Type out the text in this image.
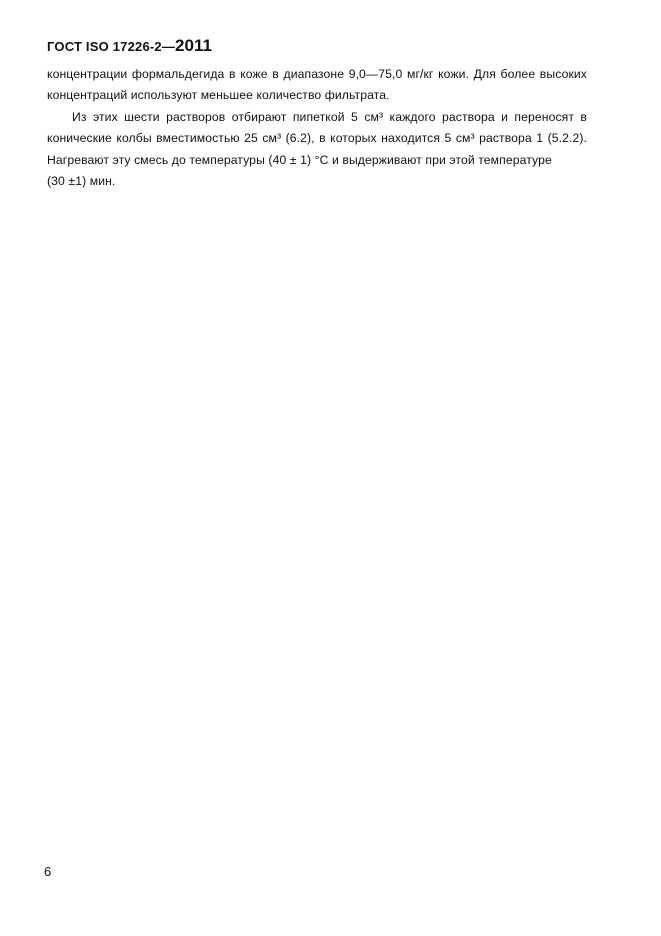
ГОСТ ISO 17226-2—2011
концентрации формальдегида в коже в диапазоне 9,0—75,0 мг/кг кожи. Для более высоких
концентраций используют меньшее количество фильтрата.
Из этих шести растворов отбирают пипеткой 5 см³ каждого раствора и переносят в
конические колбы вместимостью 25 см³ (6.2), в которых находится 5 см³ раствора 1 (5.2.2).
Нагревают эту смесь до температуры (40 ± 1) °С и выдерживают при этой температуре
(30 ±1) мин.
6
